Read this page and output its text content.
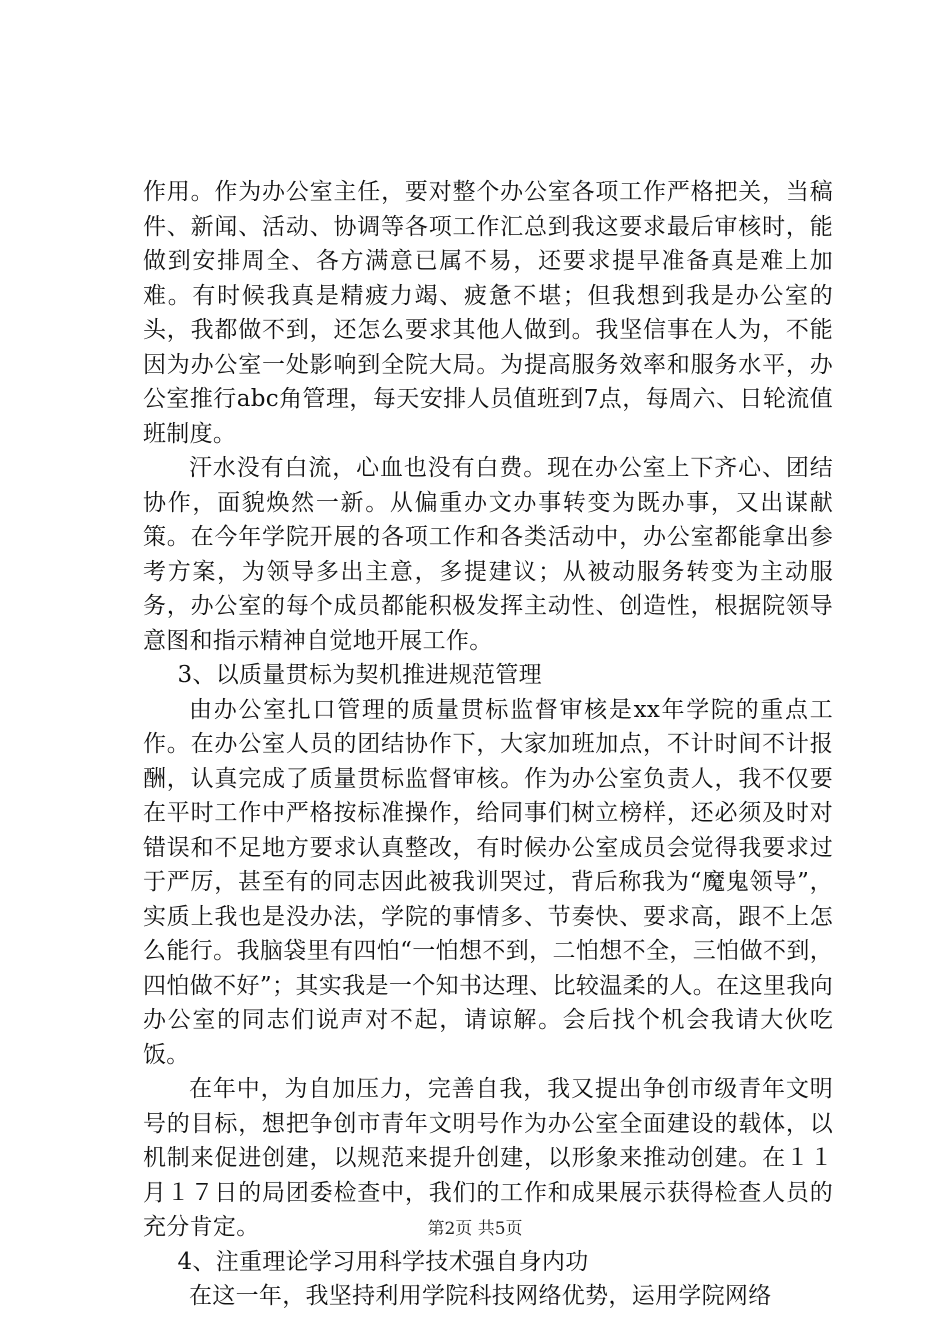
作用。作为办公室主任，要对整个办公室各项工作严格把关，当稿件、新闻、活动、协调等各项工作汇总到我这要求最后审核时，能做到安排周全、各方满意已属不易，还要求提早准备真是难上加难。有时候我真是精疲力竭、疲惫不堪；但我想到我是办公室的头，我都做不到，还怎么要求其他人做到。我坚信事在人为，不能因为办公室一处影响到全院大局。为提高服务效率和服务水平，办公室推行abc角管理，每天安排人员值班到7点，每周六、日轮流值班制度。

汗水没有白流，心血也没有白费。现在办公室上下齐心、团结协作，面貌焕然一新。从偏重办文办事转变为既办事，又出谋献策。在今年学院开展的各项工作和各类活动中，办公室都能拿出参考方案，为领导多出主意，多提建议；从被动服务转变为主动服务，办公室的每个成员都能积极发挥主动性、创造性，根据院领导意图和指示精神自觉地开展工作。

3、以质量贯标为契机推进规范管理

由办公室扎口管理的质量贯标监督审核是xx年学院的重点工作。在办公室人员的团结协作下，大家加班加点，不计时间不计报酬，认真完成了质量贯标监督审核。作为办公室负责人，我不仅要在平时工作中严格按标准操作，给同事们树立榜样，还必须及时对错误和不足地方要求认真整改，有时候办公室成员会觉得我要求过于严厉，甚至有的同志因此被我训哭过，背后称我为“魔鬼领导”，实质上我也是没办法，学院的事情多、节奏快、要求高，跟不上怎么能行。我脑袋里有四怕“一怕想不到，二怕想不全，三怕做不到，四怕做不好”；其实我是一个知书达理、比较温柔的人。在这里我向办公室的同志们说声对不起，请谅解。会后找个机会我请大伙吃饭。

在年中，为自加压力，完善自我，我又提出争创市级青年文明号的目标，想把争创市青年文明号作为办公室全面建设的载体，以机制来促进创建，以规范来提升创建，以形象来推动创建。在１１月１７日的局团委检查中，我们的工作和成果展示获得检查人员的充分肯定。

4、注重理论学习用科学技术强自身内功

在这一年，我坚持利用学院科技网络优势，运用学院网络

第2页 共5页
